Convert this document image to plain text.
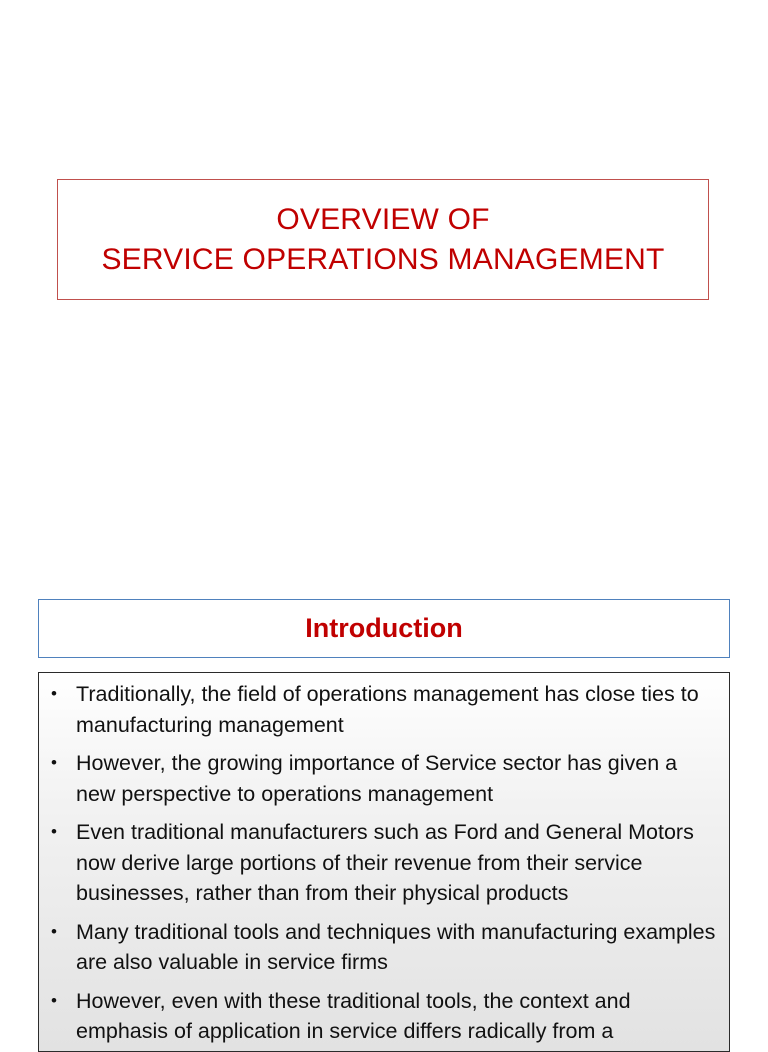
OVERVIEW OF
SERVICE OPERATIONS MANAGEMENT
Introduction
• Traditionally, the field of operations management has close ties to manufacturing management
• However, the growing importance of Service sector has given a new perspective to operations management
• Even traditional manufacturers such as Ford and General Motors now derive large portions of their revenue from their service businesses, rather than from their physical products
• Many traditional tools and techniques with manufacturing examples are also valuable in service firms
• However, even with these traditional tools, the context and emphasis of application in service differs radically from a
